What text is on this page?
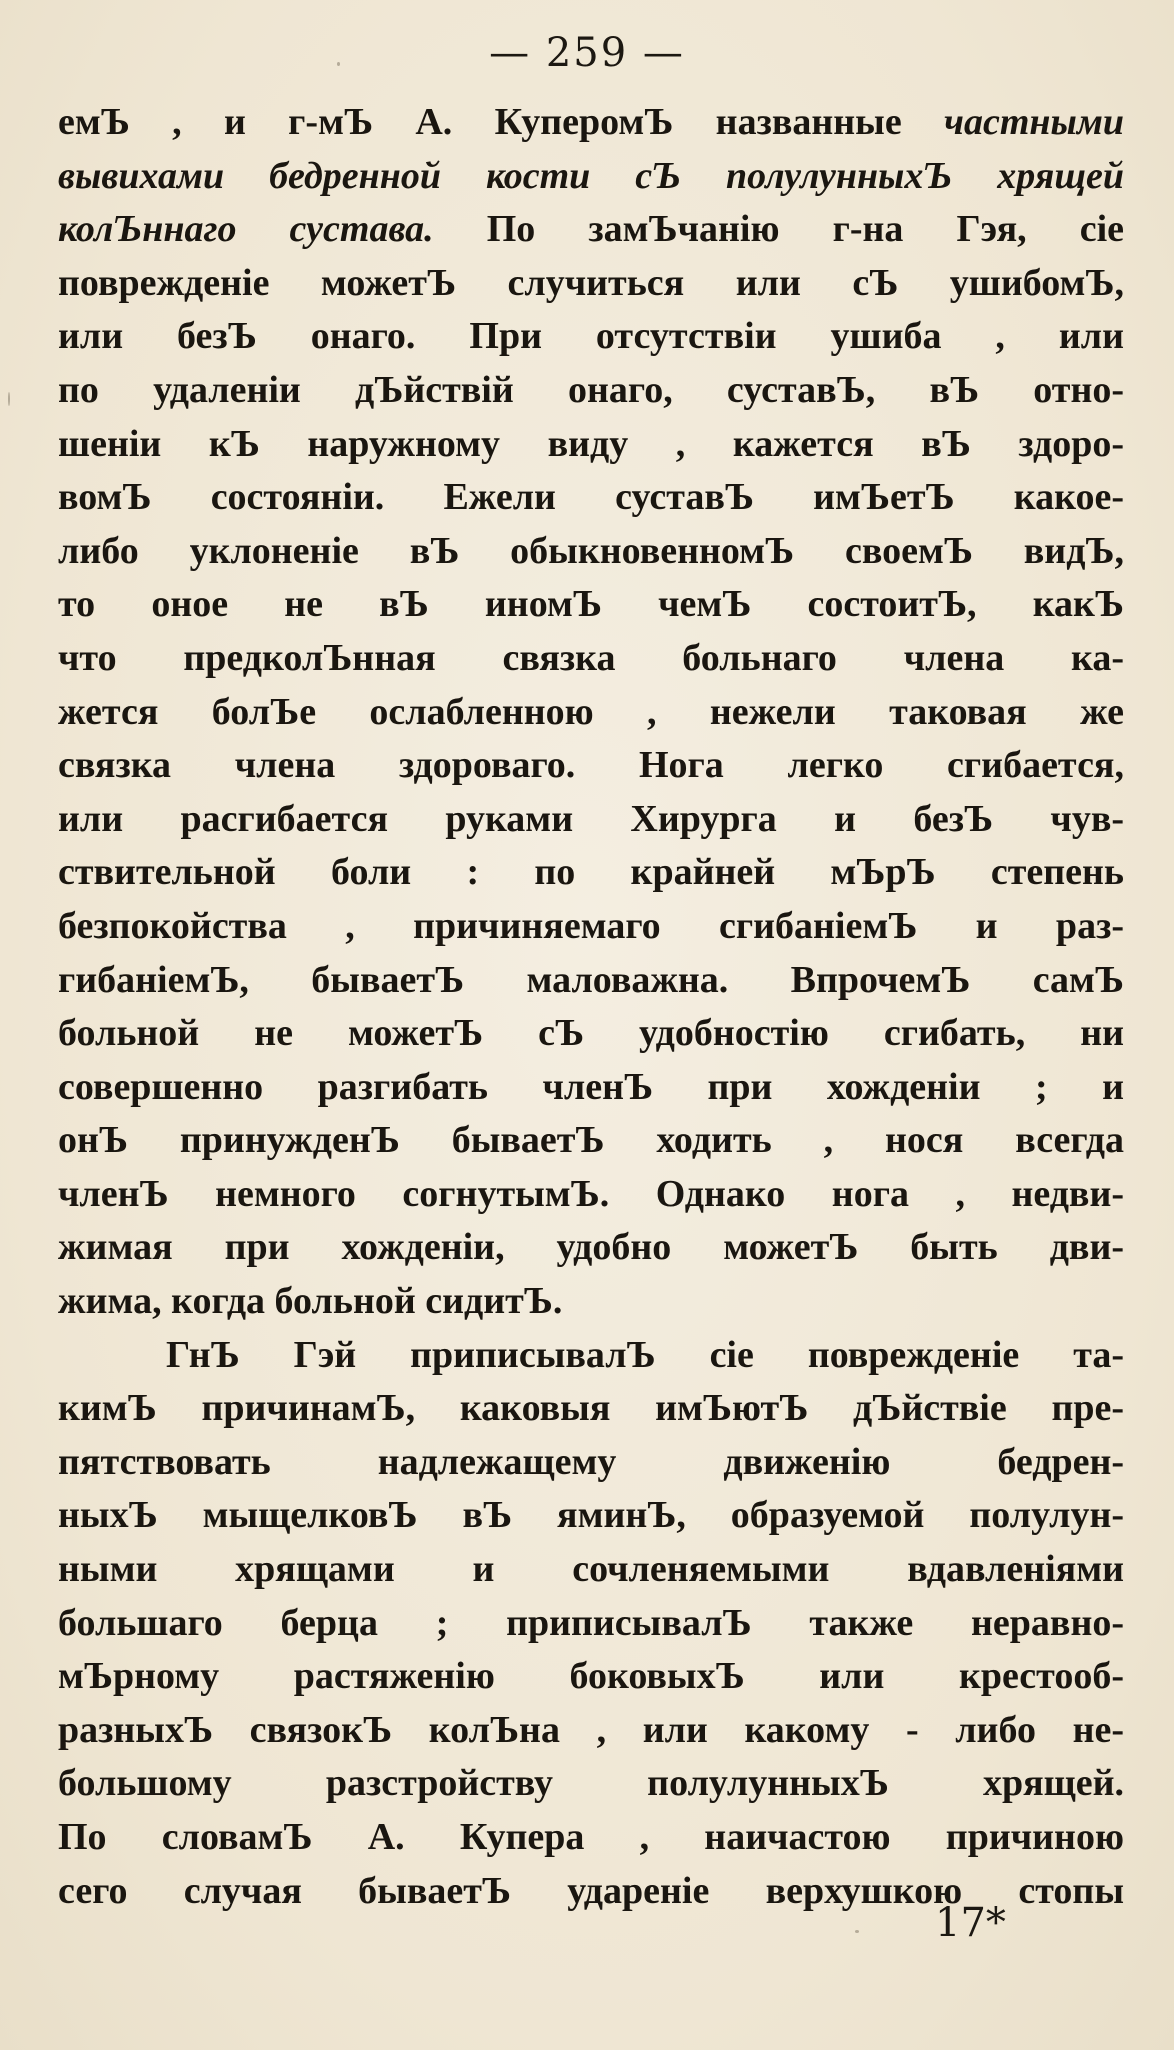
— 259 —
емЪ , и г-мЪ А. КуперомЪ названные частными
вывихами бедренной кости сЪ полулунныхЪ хрящей
колЪннаго сустава. По замЪчанію г-на Гэя, сіе
поврежденіе можетЪ случиться или сЪ ушибомЪ,
или безЪ онаго. При отсутствіи ушиба , или
по удаленіи дЪйствій онаго, суставЪ, вЪ отно-
шеніи кЪ наружному виду , кажется вЪ здоро-
вомЪ состояніи. Ежели суставЪ имЪетЪ какое-
либо уклоненіе вЪ обыкновенномЪ своемЪ видЪ,
то оное не вЪ иномЪ чемЪ состоитЪ, какЪ
что предколЪнная связка больнаго члена ка-
жется болЪе ослабленною , нежели таковая же
связка члена здороваго. Нога легко сгибается,
или расгибается руками Хирурга и безЪ чув-
ствительной боли : по крайней мЪрЪ степень
безпокойства , причиняемаго сгибаніемЪ и раз-
гибаніемЪ, бываетЪ маловажна. ВпрочемЪ самЪ
больной не можетЪ сЪ удобностію сгибать, ни
совершенно разгибать членЪ при хожденіи ; и
онЪ принужденЪ бываетЪ ходить , нося всегда
членЪ немного согнутымЪ. Однако нога , недви-
жимая при хожденіи, удобно можетЪ быть дви-
жима, когда больной сидитЪ.
ГнЪ Гэй приписывалЪ сіе поврежденіе та-
кимЪ причинамЪ, каковыя имЪютЪ дЪйствіе пре-
пятствовать надлежащему движенію бедрен-
ныхЪ мыщелковЪ вЪ яминЪ, образуемой полулун-
ными хрящами и сочленяемыми вдавленіями
большаго берца ; приписывалЪ также неравно-
мЪрному растяженію боковыхЪ или крестооб-
разныхЪ связокЪ колЪна , или какому - либо не-
большому разстройству полулунныхЪ хрящей.
По словамЪ А. Купера , наичастою причиною
сего случая бываетЪ удареніе верхушкою стопы
17*
